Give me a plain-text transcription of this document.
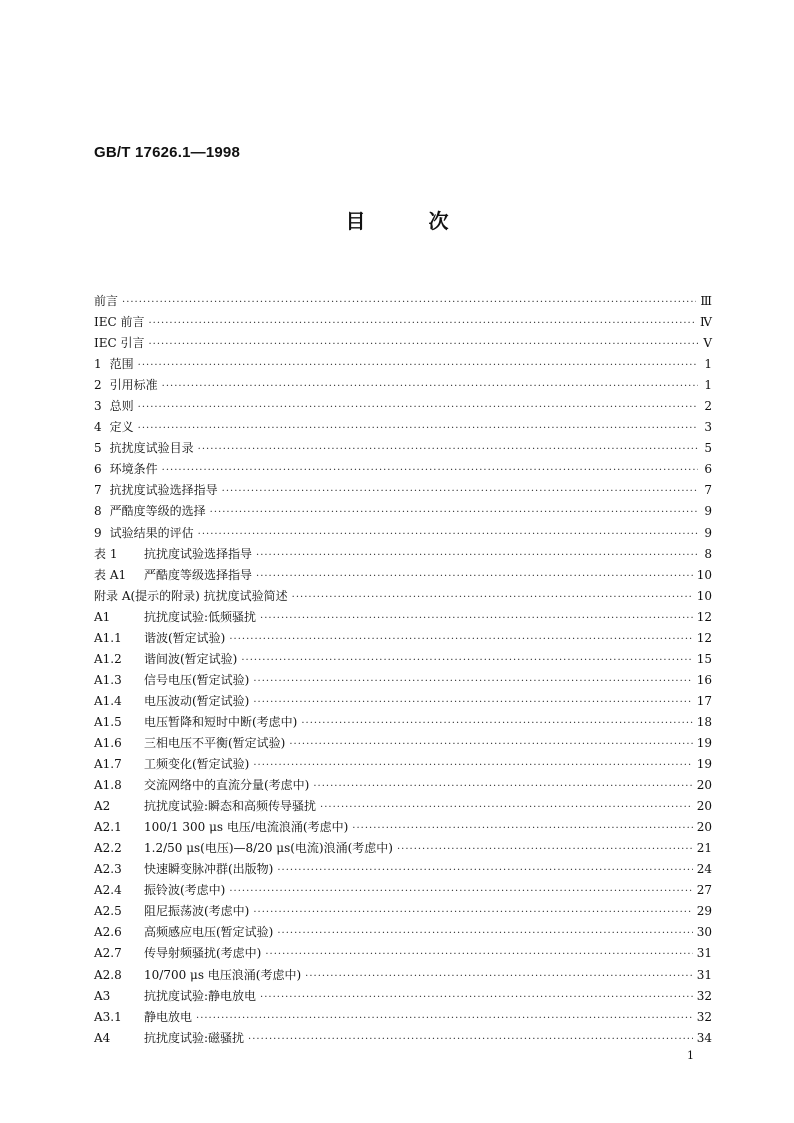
GB/T 17626.1—1998
目 次
前言 ·····	Ⅲ
IEC 前言 ·····	Ⅳ
IEC 引言 ·····	Ⅴ
1 范围 ·····	1
2 引用标准 ·····	1
3 总则 ·····	2
4 定义 ·····	3
5 抗扰度试验目录 ·····	5
6 环境条件 ·····	6
7 抗扰度试验选择指导 ·····	7
8 严酷度等级的选择 ·····	9
9 试验结果的评估 ·····	9
表 1	抗扰度试验选择指导 ·····	8
表 A1	严酷度等级选择指导 ·····	10
附录 A(提示的附录) 抗扰度试验简述 ·····	10
A1	抗扰度试验:低频骚扰 ·····	12
A1.1	谐波(暂定试验) ·····	12
A1.2	谐间波(暂定试验) ·····	15
A1.3	信号电压(暂定试验) ·····	16
A1.4	电压波动(暂定试验) ·····	17
A1.5	电压暂降和短时中断(考虑中) ·····	18
A1.6	三相电压不平衡(暂定试验) ·····	19
A1.7	工频变化(暂定试验) ·····	19
A1.8	交流网络中的直流分量(考虑中) ·····	20
A2	抗扰度试验:瞬态和高频传导骚扰 ·····	20
A2.1	100/1 300 μs 电压/电流浪涌(考虑中) ·····	20
A2.2	1.2/50 μs(电压)—8/20 μs(电流)浪涌(考虑中) ·····	21
A2.3	快速瞬变脉冲群(出版物) ·····	24
A2.4	振铃波(考虑中) ·····	27
A2.5	阻尼振荡波(考虑中) ·····	29
A2.6	高频感应电压(暂定试验) ·····	30
A2.7	传导射频骚扰(考虑中) ·····	31
A2.8	10/700 μs 电压浪涌(考虑中) ·····	31
A3	抗扰度试验:静电放电 ·····	32
A3.1	静电放电 ·····	32
A4	抗扰度试验:磁骚扰 ·····	34
1
